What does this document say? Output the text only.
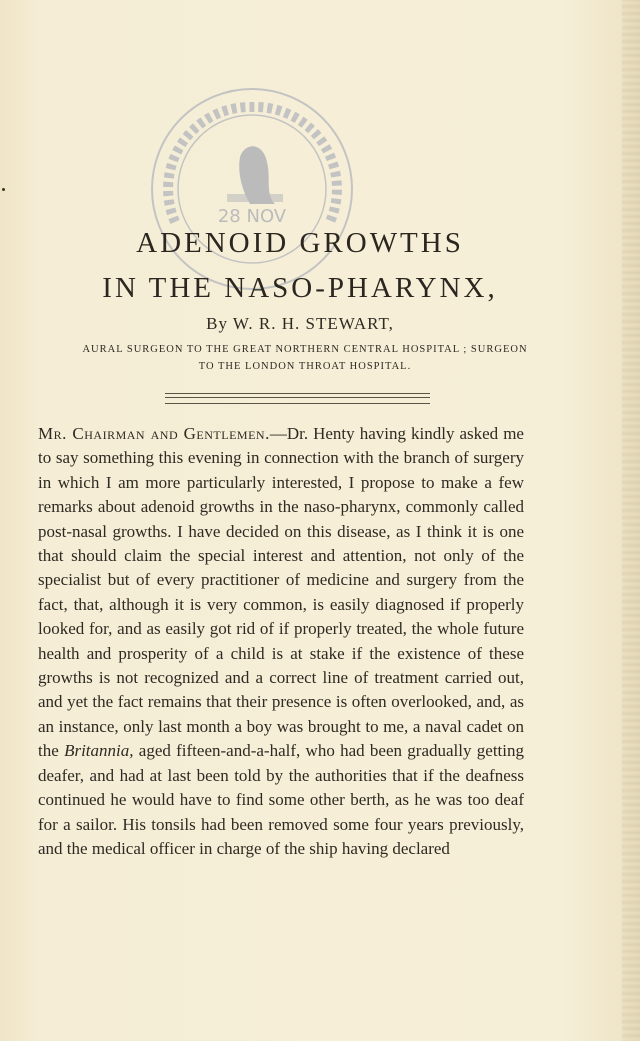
28 NOV
ADENOID GROWTHS
IN THE NASO-PHARYNX,
By W. R. H. STEWART,
AURAL SURGEON TO THE GREAT NORTHERN CENTRAL HOSPITAL ; SURGEON TO THE LONDON THROAT HOSPITAL.
Mr. Chairman and Gentlemen.—Dr. Henty having kindly asked me to say something this evening in connection with the branch of surgery in which I am more particularly interested, I propose to make a few remarks about adenoid growths in the naso-pharynx, commonly called post-nasal growths. I have decided on this disease, as I think it is one that should claim the special interest and attention, not only of the specialist but of every practitioner of medicine and surgery from the fact, that, although it is very common, is easily diagnosed if properly looked for, and as easily got rid of if properly treated, the whole future health and prosperity of a child is at stake if the existence of these growths is not recognized and a correct line of treatment carried out, and yet the fact remains that their presence is often overlooked, and, as an instance, only last month a boy was brought to me, a naval cadet on the Britannia, aged fifteen-and-a-half, who had been gradually getting deafer, and had at last been told by the authorities that if the deafness continued he would have to find some other berth, as he was too deaf for a sailor. His tonsils had been removed some four years previously, and the medical officer in charge of the ship having declared
